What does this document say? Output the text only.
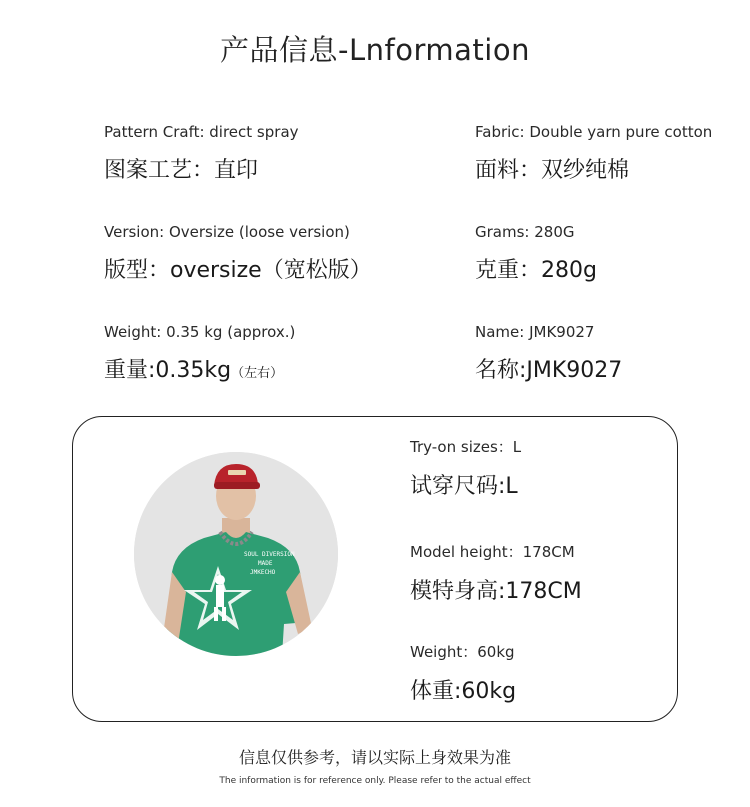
产品信息-Lnformation
Pattern Craft: direct spray
图案工艺：直印
Version: Oversize (loose version)
版型：oversize（宽松版）
Weight: 0.35 kg (approx.)
重量:0.35kg（左右）
Fabric: Double yarn pure cotton
面料：双纱纯棉
Grams: 280G
克重：280g
Name: JMK9027
名称:JMK9027
SOUL DIVERSION
MADE
JMKECHO
Try-on sizes：L
试穿尺码:L
Model height：178CM
模特身高:178CM
Weight：60kg
体重:60kg
信息仅供参考，请以实际上身效果为准
The information is for reference only. Please refer to the actual effect
